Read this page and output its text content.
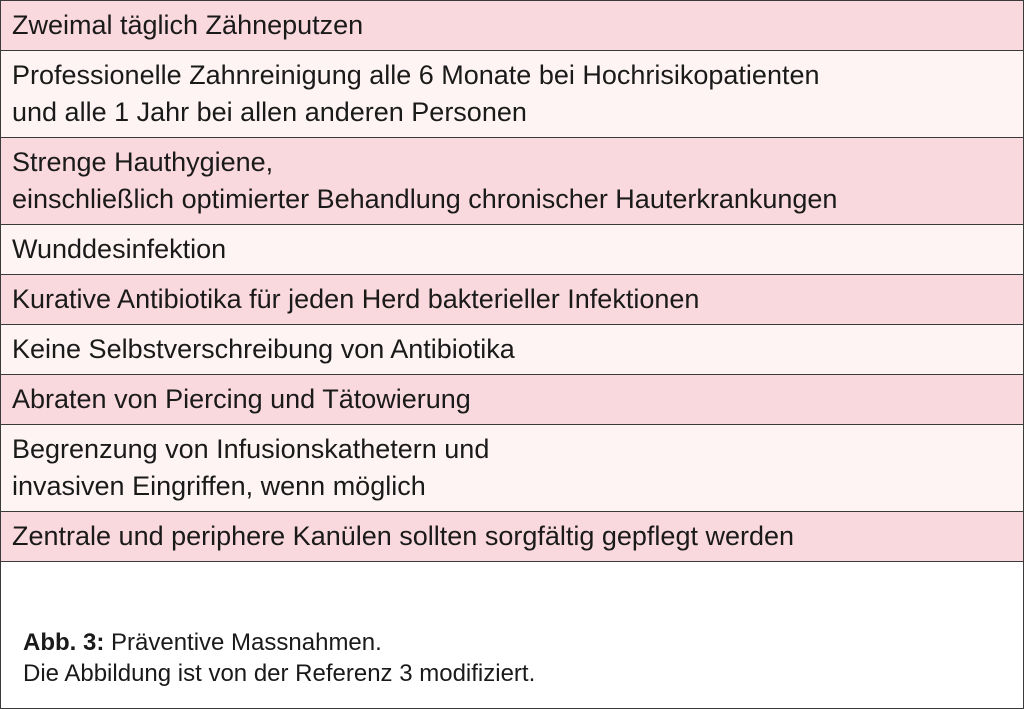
Zweimal täglich Zähneputzen

Professionelle Zahnreinigung alle 6 Monate bei Hochrisikopatienten
und alle 1 Jahr bei allen anderen Personen

Strenge Hauthygiene,
einschließlich optimierter Behandlung chronischer Hauterkrankungen

Wunddesinfektion

Kurative Antibiotika für jeden Herd bakterieller Infektionen

Keine Selbstverschreibung von Antibiotika

Abraten von Piercing und Tätowierung

Begrenzung von Infusionskathetern und
invasiven Eingriffen, wenn möglich

Zentrale und periphere Kanülen sollten sorgfältig gepflegt werden
Abb. 3: Präventive Massnahmen.
Die Abbildung ist von der Referenz 3 modifiziert.
